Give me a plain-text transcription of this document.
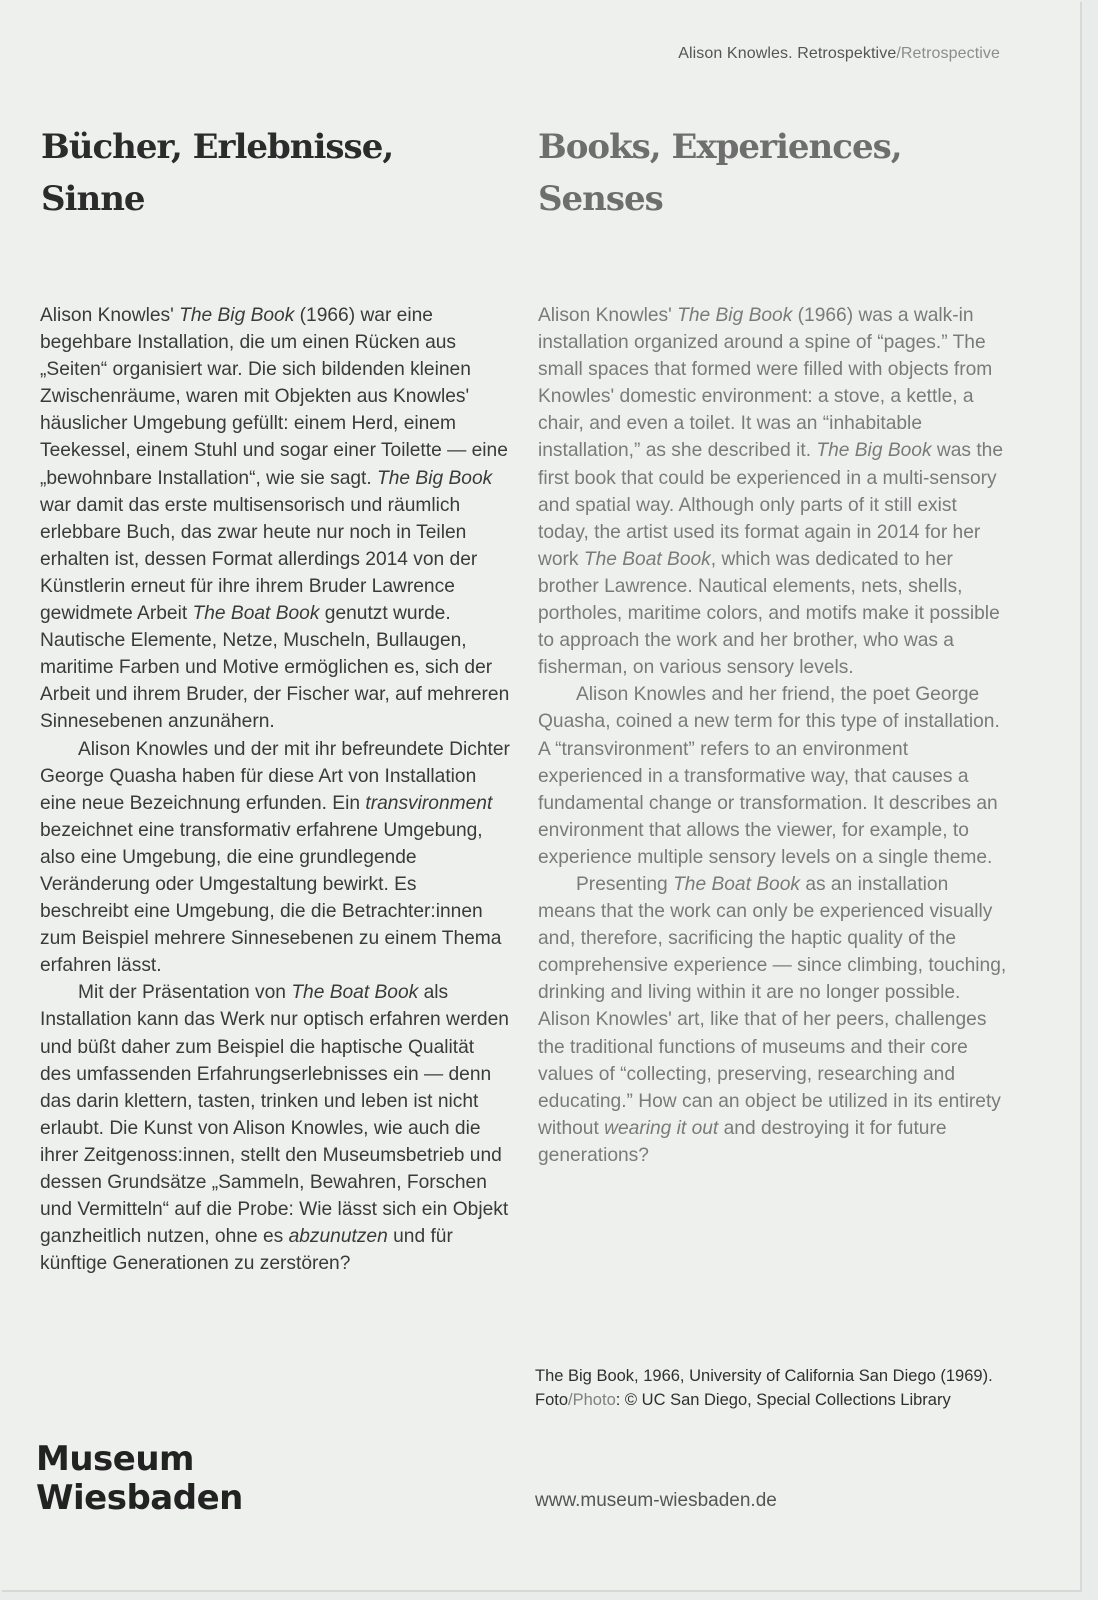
Alison Knowles. Retrospektive/Retrospective
Bücher, Erlebnisse,
Sinne
Books, Experiences,
Senses

Alison Knowles' The Big Book (1966) war eine begehbare Installation, die um einen Rücken aus „Seiten“ organisiert war. Die sich bildenden kleinen Zwischenräume, waren mit Objekten aus Knowles' häuslicher Umgebung gefüllt: einem Herd, einem Teekessel, einem Stuhl und sogar einer Toilette — eine „bewohnbare Installation“, wie sie sagt. The Big Book war damit das erste multisensorisch und räumlich erlebbare Buch, das zwar heute nur noch in Teilen erhalten ist, dessen Format allerdings 2014 von der Künstlerin erneut für ihre ihrem Bruder Lawrence gewidmete Arbeit The Boat Book genutzt wurde. Nautische Elemente, Netze, Muscheln, Bullaugen, maritime Farben und Motive ermöglichen es, sich der Arbeit und ihrem Bruder, der Fischer war, auf mehreren Sinnesebenen anzunähern.

Alison Knowles und der mit ihr befreundete Dichter George Quasha haben für diese Art von Installation eine neue Bezeichnung erfunden. Ein transvironment bezeichnet eine transformativ erfahrene Umgebung, also eine Umgebung, die eine grundlegende Veränderung oder Umgestaltung bewirkt. Es beschreibt eine Umgebung, die die Betrachter:innen zum Beispiel mehrere Sinnesebenen zu einem Thema erfahren lässt.

Mit der Präsentation von The Boat Book als Installation kann das Werk nur optisch erfahren werden und büßt daher zum Beispiel die haptische Qualität des umfassenden Erfahrungserlebnisses ein — denn das darin klettern, tasten, trinken und leben ist nicht erlaubt. Die Kunst von Alison Knowles, wie auch die ihrer Zeitgenoss:innen, stellt den Museumsbetrieb und dessen Grundsätze „Sammeln, Bewahren, Forschen und Vermitteln“ auf die Probe: Wie lässt sich ein Objekt ganzheitlich nutzen, ohne es abzunutzen und für künftige Generationen zu zerstören?

Alison Knowles' The Big Book (1966) was a walk-in installation organized around a spine of “pages.” The small spaces that formed were filled with objects from Knowles' domestic environment: a stove, a kettle, a chair, and even a toilet. It was an “inhabitable installation,” as she described it. The Big Book was the first book that could be experienced in a multi-sensory and spatial way. Although only parts of it still exist today, the artist used its format again in 2014 for her work The Boat Book, which was dedicated to her brother Lawrence. Nautical elements, nets, shells, portholes, maritime colors, and motifs make it possible to approach the work and her brother, who was a fisherman, on various sensory levels.

Alison Knowles and her friend, the poet George Quasha, coined a new term for this type of installation. A “transvironment” refers to an environment experienced in a transformative way, that causes a fundamental change or transformation. It describes an environment that allows the viewer, for example, to experience multiple sensory levels on a single theme.

Presenting The Boat Book as an installation means that the work can only be experienced visually and, therefore, sacrificing the haptic quality of the comprehensive experience — since climbing, touching, drinking and living within it are no longer possible. Alison Knowles' art, like that of her peers, challenges the traditional functions of museums and their core values of “collecting, preserving, researching and educating.” How can an object be utilized in its entirety without wearing it out and destroying it for future generations?

The Big Book, 1966, University of California San Diego (1969). Foto/Photo: © UC San Diego, Special Collections Library
Museum
Wiesbaden	www.museum-wiesbaden.de
